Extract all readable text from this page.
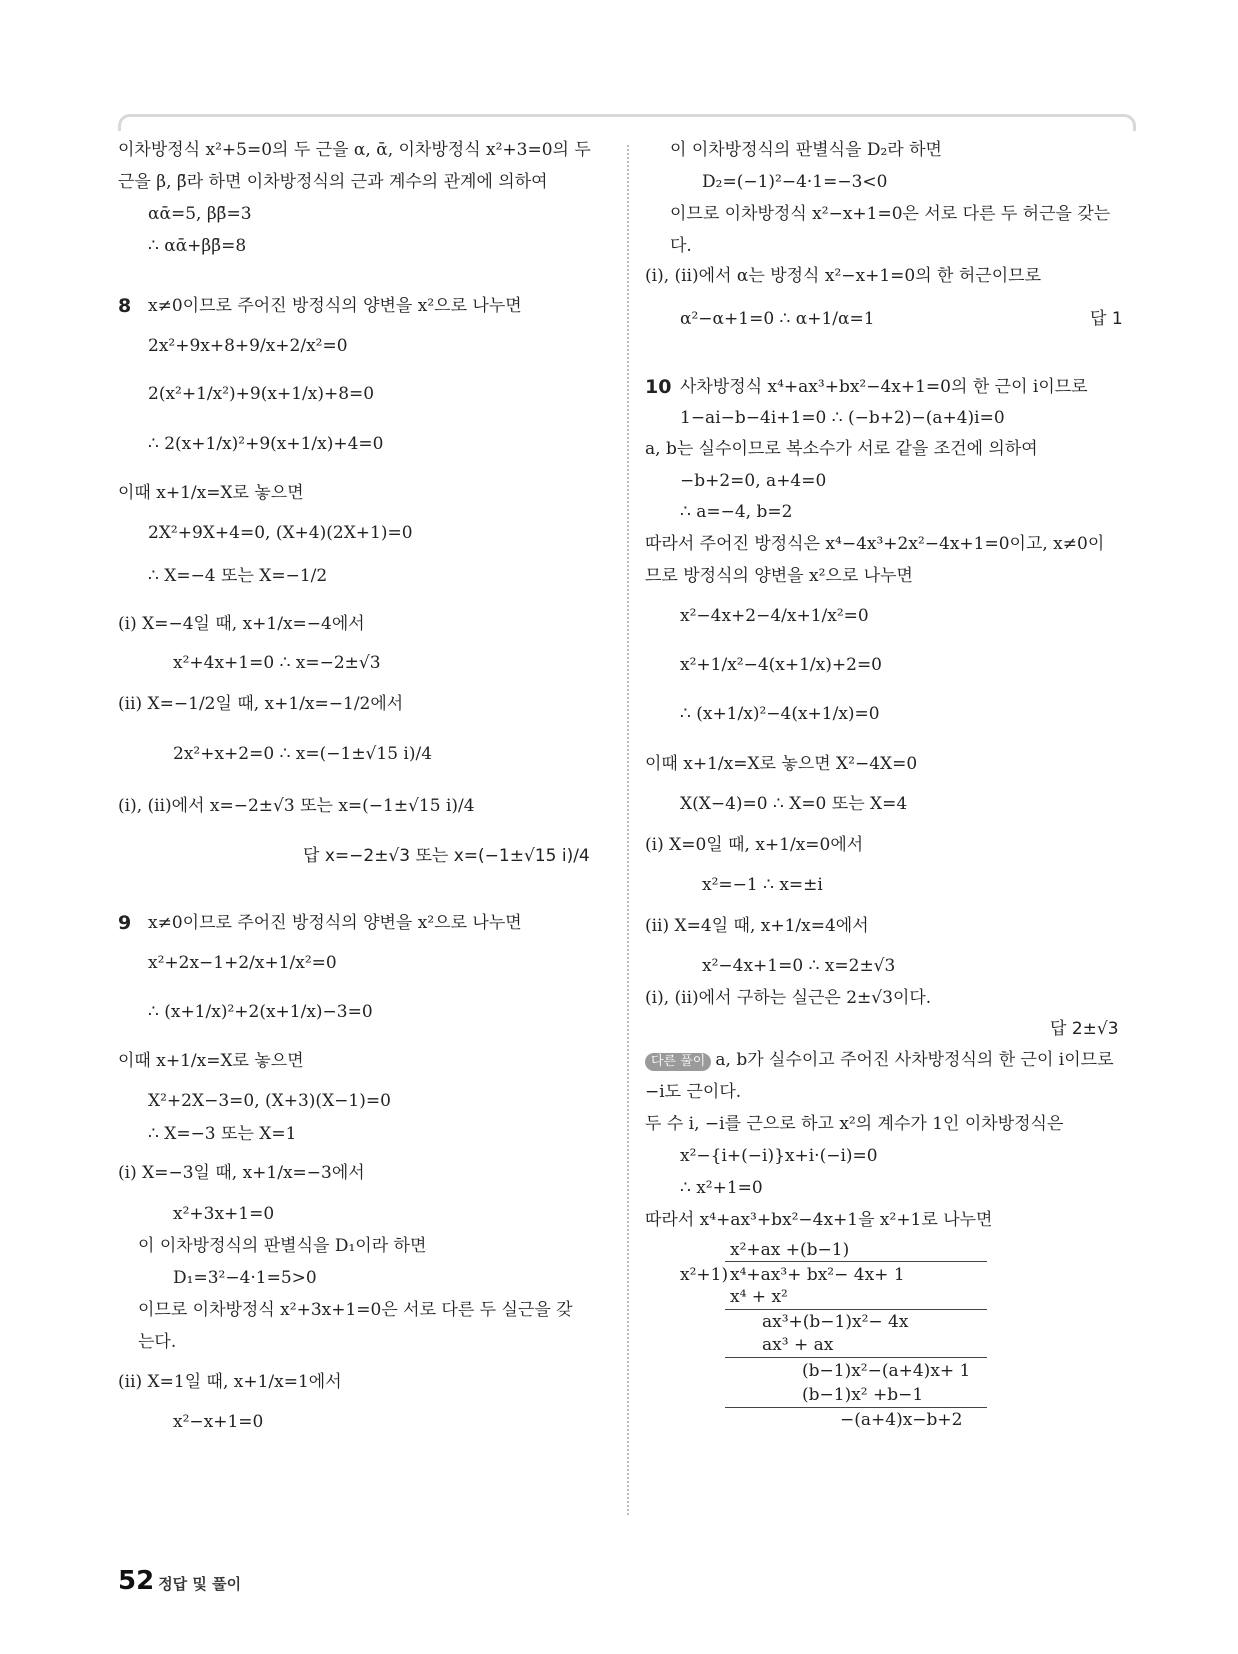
이차방정식 x²+5=0의 두 근을 α, ᾱ, 이차방정식 x²+3=0의 두
근을 β, β̄라 하면 이차방정식의 근과 계수의 관계에 의하여
αᾱ=5, ββ̄=3
∴ αᾱ+ββ̄=8
8 x≠0이므로 주어진 방정식의 양변을 x²으로 나누면
2x²+9x+8+9/x+2/x²=0
2(x²+1/x²)+9(x+1/x)+8=0
∴ 2(x+1/x)²+9(x+1/x)+4=0
이때 x+1/x=X로 놓으면
2X²+9X+4=0, (X+4)(2X+1)=0
∴ X=−4 또는 X=−1/2
(ⅰ) X=−4일 때, x+1/x=−4에서
x²+4x+1=0 ∴ x=−2±√3
(ⅱ) X=−1/2일 때, x+1/x=−1/2에서
2x²+x+2=0 ∴ x=(−1±√15 i)/4
(ⅰ), (ⅱ)에서 x=−2±√3 또는 x=(−1±√15 i)/4
답 x=−2±√3 또는 x=(−1±√15 i)/4
9 x≠0이므로 주어진 방정식의 양변을 x²으로 나누면
x²+2x−1+2/x+1/x²=0
∴ (x+1/x)²+2(x+1/x)−3=0
이때 x+1/x=X로 놓으면
X²+2X−3=0, (X+3)(X−1)=0
∴ X=−3 또는 X=1
(ⅰ) X=−3일 때, x+1/x=−3에서
x²+3x+1=0
이 이차방정식의 판별식을 D₁이라 하면
D₁=3²−4·1=5>0
이므로 이차방정식 x²+3x+1=0은 서로 다른 두 실근을 갖
는다.
(ⅱ) X=1일 때, x+1/x=1에서
x²−x+1=0
이 이차방정식의 판별식을 D₂라 하면
D₂=(−1)²−4·1=−3<0
이므로 이차방정식 x²−x+1=0은 서로 다른 두 허근을 갖는
다.
(ⅰ), (ⅱ)에서 α는 방정식 x²−x+1=0의 한 허근이므로
α²−α+1=0 ∴ α+1/α=1	답 1
10 사차방정식 x⁴+ax³+bx²−4x+1=0의 한 근이 i이므로
1−ai−b−4i+1=0 ∴ (−b+2)−(a+4)i=0
a, b는 실수이므로 복소수가 서로 같을 조건에 의하여
−b+2=0, a+4=0
∴ a=−4, b=2
따라서 주어진 방정식은 x⁴−4x³+2x²−4x+1=0이고, x≠0이
므로 방정식의 양변을 x²으로 나누면
x²−4x+2−4/x+1/x²=0
x²+1/x²−4(x+1/x)+2=0
∴ (x+1/x)²−4(x+1/x)=0
이때 x+1/x=X로 놓으면 X²−4X=0
X(X−4)=0 ∴ X=0 또는 X=4
(ⅰ) X=0일 때, x+1/x=0에서
x²=−1 ∴ x=±i
(ⅱ) X=4일 때, x+1/x=4에서
x²−4x+1=0 ∴ x=2±√3
(ⅰ), (ⅱ)에서 구하는 실근은 2±√3이다.
답 2±√3
다른 풀이 a, b가 실수이고 주어진 사차방정식의 한 근이 i이므로
−i도 근이다.
두 수 i, −i를 근으로 하고 x²의 계수가 1인 이차방정식은
x²−{i+(−i)}x+i·(−i)=0
∴ x²+1=0
따라서 x⁴+ax³+bx²−4x+1을 x²+1로 나누면
x²+ax +(b−1)
x²+1) x⁴+ax³+ bx²− 4x+ 1
x⁴ + x²
ax³+(b−1)x²− 4x
ax³ + ax
(b−1)x²−(a+4)x+ 1
(b−1)x² +b−1
−(a+4)x−b+2
52 정답 및 풀이
